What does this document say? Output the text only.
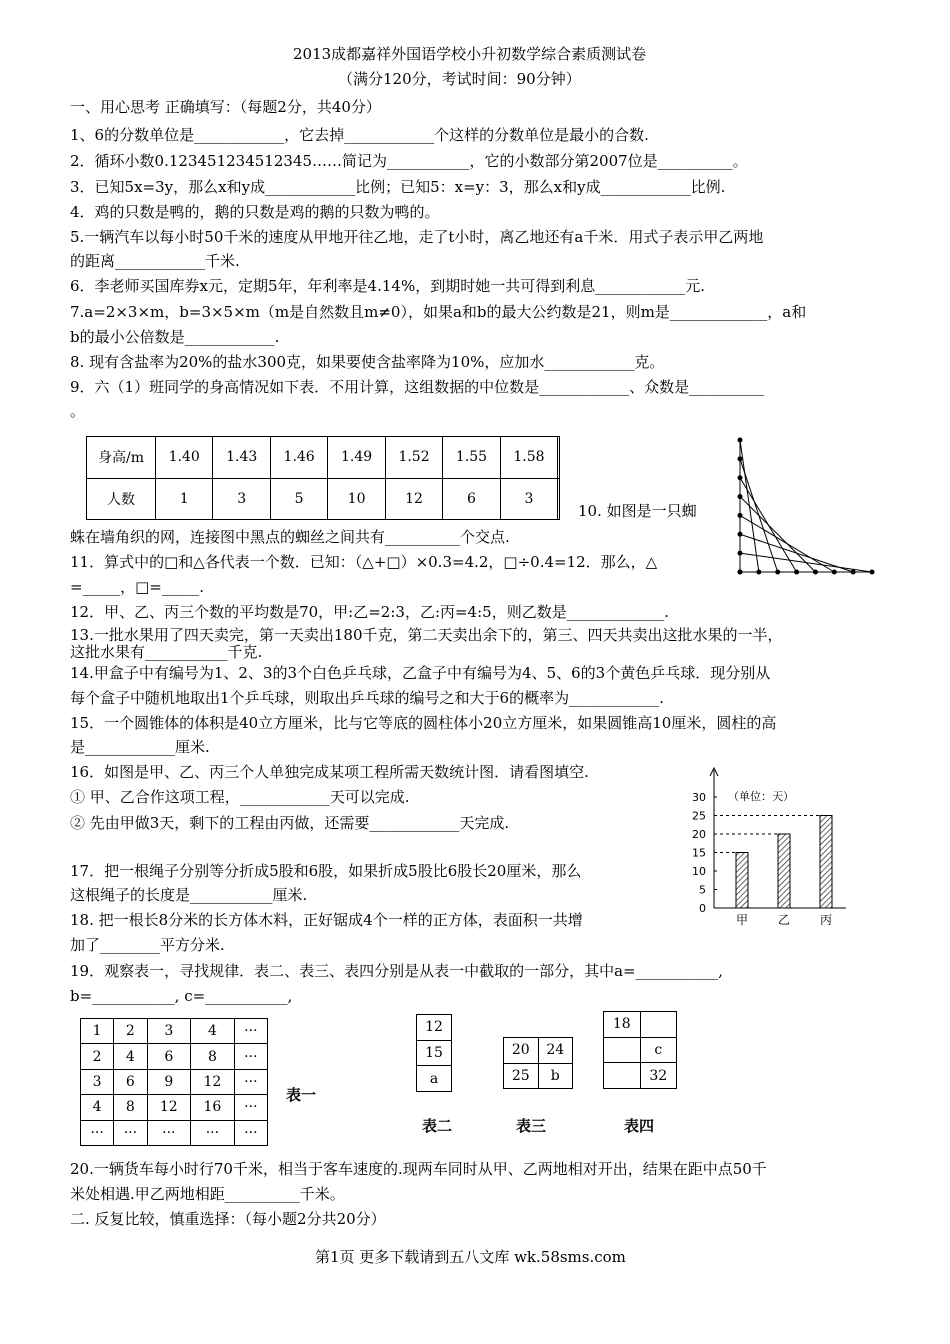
2013成都嘉祥外国语学校小升初数学综合素质测试卷
（满分120分，考试时间：90分钟）
一、用心思考 正确填写：（每题2分，共40分）
1、6的分数单位是____________，它去掉____________个这样的分数单位是最小的合数.
2．循环小数0.123451234512345……简记为___________，它的小数部分第2007位是__________。
3．已知5x=3y，那么x和y成____________比例；已知5：x=y：3，那么x和y成____________比例.
4．鸡的只数是鸭的，鹅的只数是鸡的鹅的只数为鸭的。
5.一辆汽车以每小时50千米的速度从甲地开往乙地，走了t小时，离乙地还有a千米．用式子表示甲乙两地
的距离____________千米.
6．李老师买国库券x元，定期5年，年利率是4.14%，到期时她一共可得到利息____________元.
7.a=2×3×m，b=3×5×m（m是自然数且m≠0），如果a和b的最大公约数是21，则m是_____________，a和
b的最小公倍数是____________.
8. 现有含盐率为20%的盐水300克，如果要使含盐率降为10%，应加水____________克。
9．六（1）班同学的身高情况如下表．不用计算，这组数据的中位数是____________、众数是__________
。
身高/m	1.40	1.43	1.46	1.49	1.52	1.55	1.58	
人数	1	3	5	10	12	6	3	
10. 如图是一只蜘
蛛在墙角织的网，连接图中黑点的蜘丝之间共有__________个交点.
11．算式中的□和△各代表一个数．已知：（△+□）×0.3=4.2，□÷0.4=12．那么，△
=_____，□=_____.
12．甲、乙、丙三个数的平均数是70，甲:乙=2:3，乙:丙=4:5，则乙数是_____________.
13.一批水果用了四天卖完，第一天卖出180千克，第二天卖出余下的，第三、四天共卖出这批水果的一半，
这批水果有___________千克.
14.甲盒子中有编号为1、2、3的3个白色乒乓球，乙盒子中有编号为4、5、6的3个黄色乒乓球．现分别从
每个盒子中随机地取出1个乒乓球，则取出乒乓球的编号之和大于6的概率为____________.
15．一个圆锥体的体积是40立方厘米，比与它等底的圆柱体小20立方厘米，如果圆锥高10厘米，圆柱的高
是____________厘米.
16．如图是甲、乙、丙三个人单独完成某项工程所需天数统计图．请看图填空.
① 甲、乙合作这项工程，____________天可以完成.
② 先由甲做3天，剩下的工程由丙做，还需要____________天完成.
0
5
10
15
20
25
30 （单位：天）
甲 乙 丙
17．把一根绳子分别等分折成5股和6股，如果折成5股比6股长20厘米，那么
这根绳子的长度是___________厘米.
18. 把一根长8分米的长方体木料，正好锯成4个一样的正方体，表面积一共增
加了________平方分米.
19．观察表一，寻找规律．表二、表三、表四分别是从表一中截取的一部分，其中a=___________,
b=___________, c=___________,
1	2	3	4	···
2	4	6	8	···
3	6	9	12	···
4	8	12	16	···
···	···	···	···	···
表一
12
15
a
表二
20	24
25	b
表三
18	
	c
	32
表四
20.一辆货车每小时行70千米，相当于客车速度的.现两车同时从甲、乙两地相对开出，结果在距中点50千
米处相遇.甲乙两地相距__________千米。
二. 反复比较，慎重选择：（每小题2分共20分）
第1页 更多下载请到五八文库 wk.58sms.com
